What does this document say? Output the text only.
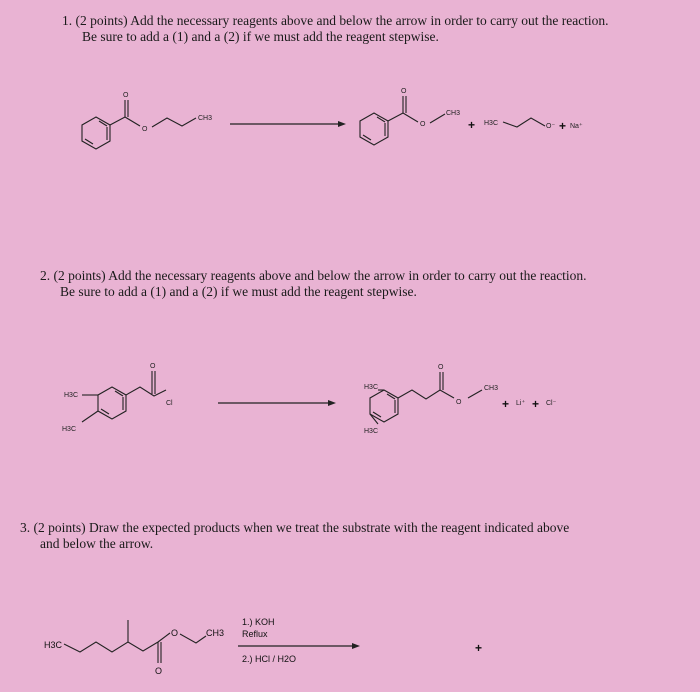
1. (2 points) Add the necessary reagents above and below the arrow in order to carry out the reaction.
Be sure to add a (1) and a (2) if we must add the reagent stepwise.
2. (2 points) Add the necessary reagents above and below the arrow in order to carry out the reaction.
Be sure to add a (1) and a (2) if we must add the reagent stepwise.
3. (2 points) Draw the expected products when we treat the substrate with the reagent indicated above
and below the arrow.
O
O
CH3
O
O
CH3
+ H3C	O⁻ + Na⁺
H3C
H3C
O
Cl
H3C
H3C
O
O
CH3
+ Li⁺ + Cl⁻
H3C
O
O	CH3
1.) KOH
Reflux
2.) HCl / H2O
+
